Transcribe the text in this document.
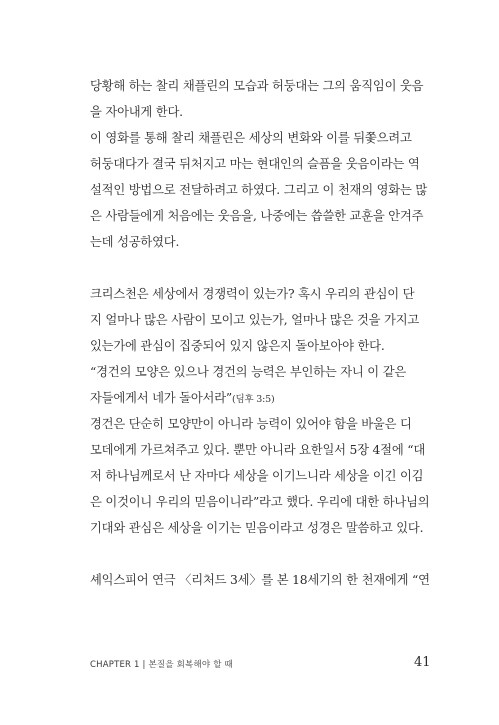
당황해 하는 찰리 채플린의 모습과 허둥대는 그의 움직임이 웃음
을 자아내게 한다.
이 영화를 통해 찰리 채플린은 세상의 변화와 이를 뒤쫓으려고
허둥대다가 결국 뒤처지고 마는 현대인의 슬픔을 웃음이라는 역
설적인 방법으로 전달하려고 하였다. 그리고 이 천재의 영화는 많
은 사람들에게 처음에는 웃음을, 나중에는 씁쓸한 교훈을 안겨주
는데 성공하였다.
크리스천은 세상에서 경쟁력이 있는가? 혹시 우리의 관심이 단
지 얼마나 많은 사람이 모이고 있는가, 얼마나 많은 것을 가지고
있는가에 관심이 집중되어 있지 않은지 돌아보아야 한다.
“경건의 모양은 있으나 경건의 능력은 부인하는 자니 이 같은
자들에게서 네가 돌아서라”(딤후 3:5)
경건은 단순히 모양만이 아니라 능력이 있어야 함을 바울은 디
모데에게 가르쳐주고 있다. 뿐만 아니라 요한일서 5장 4절에 “대
저 하나님께로서 난 자마다 세상을 이기느니라 세상을 이긴 이김
은 이것이니 우리의 믿음이니라”라고 했다. 우리에 대한 하나님의
기대와 관심은 세상을 이기는 믿음이라고 성경은 말씀하고 있다.
셰익스피어 연극 〈리처드 3세〉를 본 18세기의 한 천재에게 “연
CHAPTER 1 | 본질을 회복해야 할 때	41
